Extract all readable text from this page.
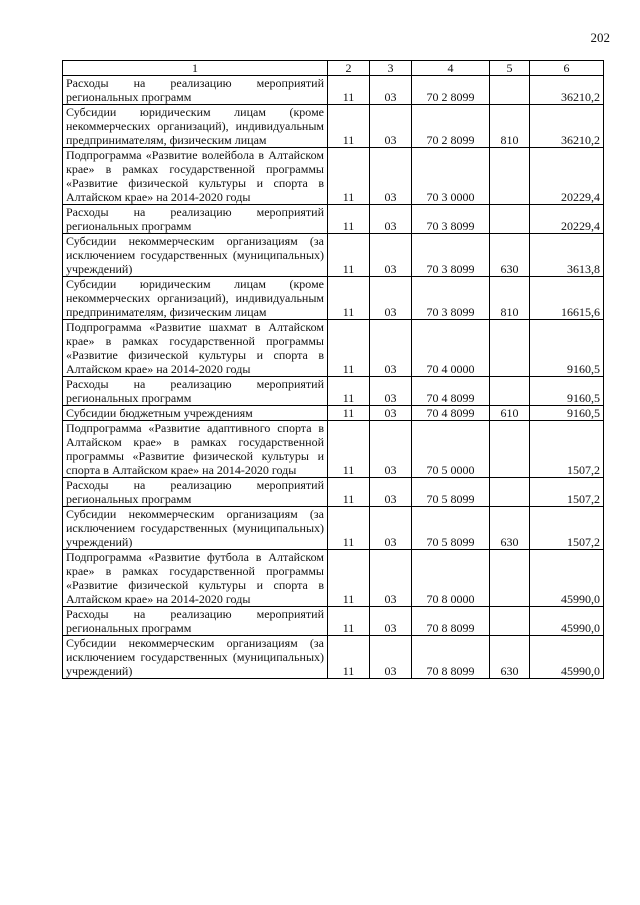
202
1	2	3	4	5	6
Расходы на реализацию мероприятий региональных программ	11	03	70 2 8099		36210,2
Субсидии юридическим лицам (кроме некоммерческих организаций), индивидуальным предпринимателям, физическим лицам	11	03	70 2 8099	810	36210,2
Подпрограмма «Развитие волейбола в Алтайском крае» в рамках государственной программы «Развитие физической культуры и спорта в Алтайском крае» на 2014-2020 годы	11	03	70 3 0000		20229,4
Расходы на реализацию мероприятий региональных программ	11	03	70 3 8099		20229,4
Субсидии некоммерческим организациям (за исключением государственных (муниципальных) учреждений)	11	03	70 3 8099	630	3613,8
Субсидии юридическим лицам (кроме некоммерческих организаций), индивидуальным предпринимателям, физическим лицам	11	03	70 3 8099	810	16615,6
Подпрограмма «Развитие шахмат в Алтайском крае» в рамках государственной программы «Развитие физической культуры и спорта в Алтайском крае» на 2014-2020 годы	11	03	70 4 0000		9160,5
Расходы на реализацию мероприятий региональных программ	11	03	70 4 8099		9160,5
Субсидии бюджетным учреждениям	11	03	70 4 8099	610	9160,5
Подпрограмма «Развитие адаптивного спорта в Алтайском крае» в рамках государственной программы «Развитие физической культуры и спорта в Алтайском крае» на 2014-2020 годы	11	03	70 5 0000		1507,2
Расходы на реализацию мероприятий региональных программ	11	03	70 5 8099		1507,2
Субсидии некоммерческим организациям (за исключением государственных (муниципальных) учреждений)	11	03	70 5 8099	630	1507,2
Подпрограмма «Развитие футбола в Алтайском крае» в рамках государственной программы «Развитие физической культуры и спорта в Алтайском крае» на 2014-2020 годы	11	03	70 8 0000		45990,0
Расходы на реализацию мероприятий региональных программ	11	03	70 8 8099		45990,0
Субсидии некоммерческим организациям (за исключением государственных (муниципальных) учреждений)	11	03	70 8 8099	630	45990,0
